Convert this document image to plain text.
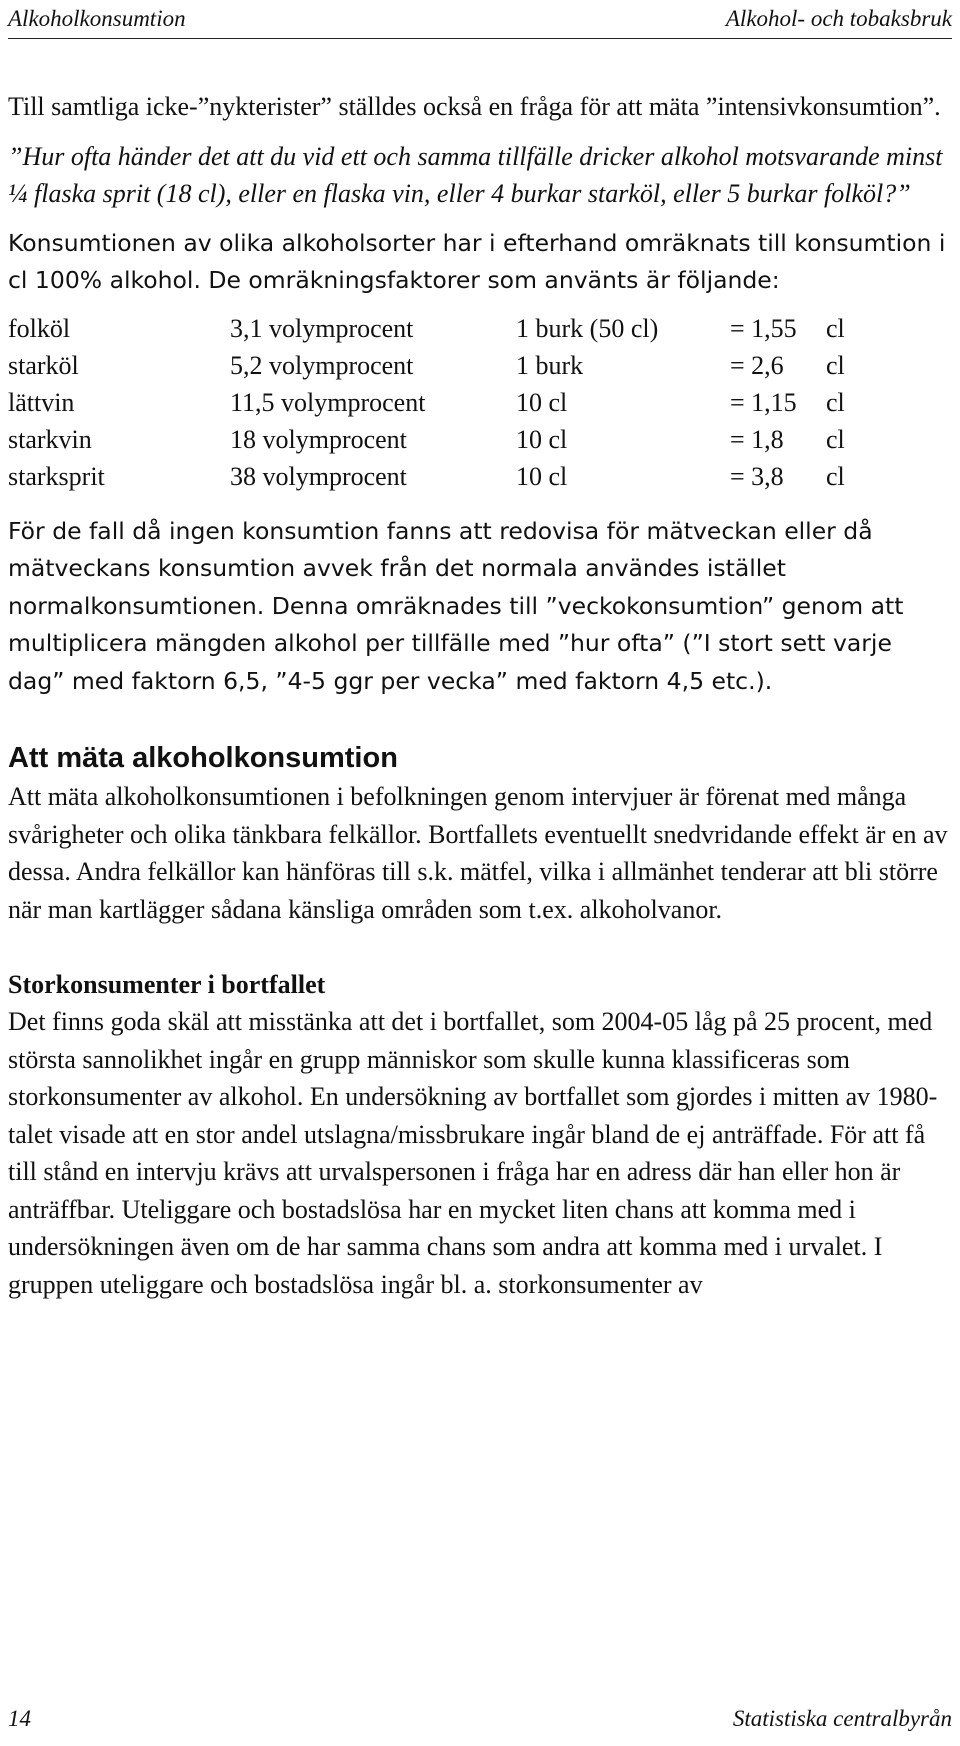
Alkoholkonsumtion	Alkohol- och tobaksbruk

Till samtliga icke-”nykterister” ställdes också en fråga för att mäta ”intensivkonsumtion”.

”Hur ofta händer det att du vid ett och samma tillfälle dricker alkohol motsvarande minst ¼ flaska sprit (18 cl), eller en flaska vin, eller 4 burkar starköl, eller 5 burkar folköl?”

Konsumtionen av olika alkoholsorter har i efterhand omräknats till konsumtion i cl 100% alkohol. De omräkningsfaktorer som använts är följande:

folköl	3,1 volymprocent	1 burk (50 cl)	= 1,55	cl
starköl	5,2 volymprocent	1 burk	= 2,6	cl
lättvin	11,5 volymprocent	10 cl	= 1,15	cl
starkvin	18 volymprocent	10 cl	= 1,8	cl
starksprit	38 volymprocent	10 cl	= 3,8	cl

För de fall då ingen konsumtion fanns att redovisa för mätveckan eller då mätveckans konsumtion avvek från det normala användes istället normalkonsumtionen. Denna omräknades till ”veckokonsumtion” genom att multiplicera mängden alkohol per tillfälle med ”hur ofta” (”I stort sett varje dag” med faktorn 6,5, ”4-5 ggr per vecka” med faktorn 4,5 etc.).

Att mäta alkoholkonsumtion

Att mäta alkoholkonsumtionen i befolkningen genom intervjuer är förenat med många svårigheter och olika tänkbara felkällor. Bortfallets eventuellt snedvridande effekt är en av dessa. Andra felkällor kan hänföras till s.k. mätfel, vilka i allmänhet tenderar att bli större när man kartlägger sådana känsliga områden som t.ex. alkoholvanor.

Storkonsumenter i bortfallet

Det finns goda skäl att misstänka att det i bortfallet, som 2004-05 låg på 25 procent, med största sannolikhet ingår en grupp människor som skulle kunna klassificeras som storkonsumenter av alkohol. En undersökning av bortfallet som gjordes i mitten av 1980-talet visade att en stor andel utslagna/missbrukare ingår bland de ej anträffade. För att få till stånd en intervju krävs att urvalspersonen i fråga har en adress där han eller hon är anträffbar. Uteliggare och bostadslösa har en mycket liten chans att komma med i undersökningen även om de har samma chans som andra att komma med i urvalet. I gruppen uteliggare och bostadslösa ingår bl. a. storkonsumenter av

14	Statistiska centralbyrån
